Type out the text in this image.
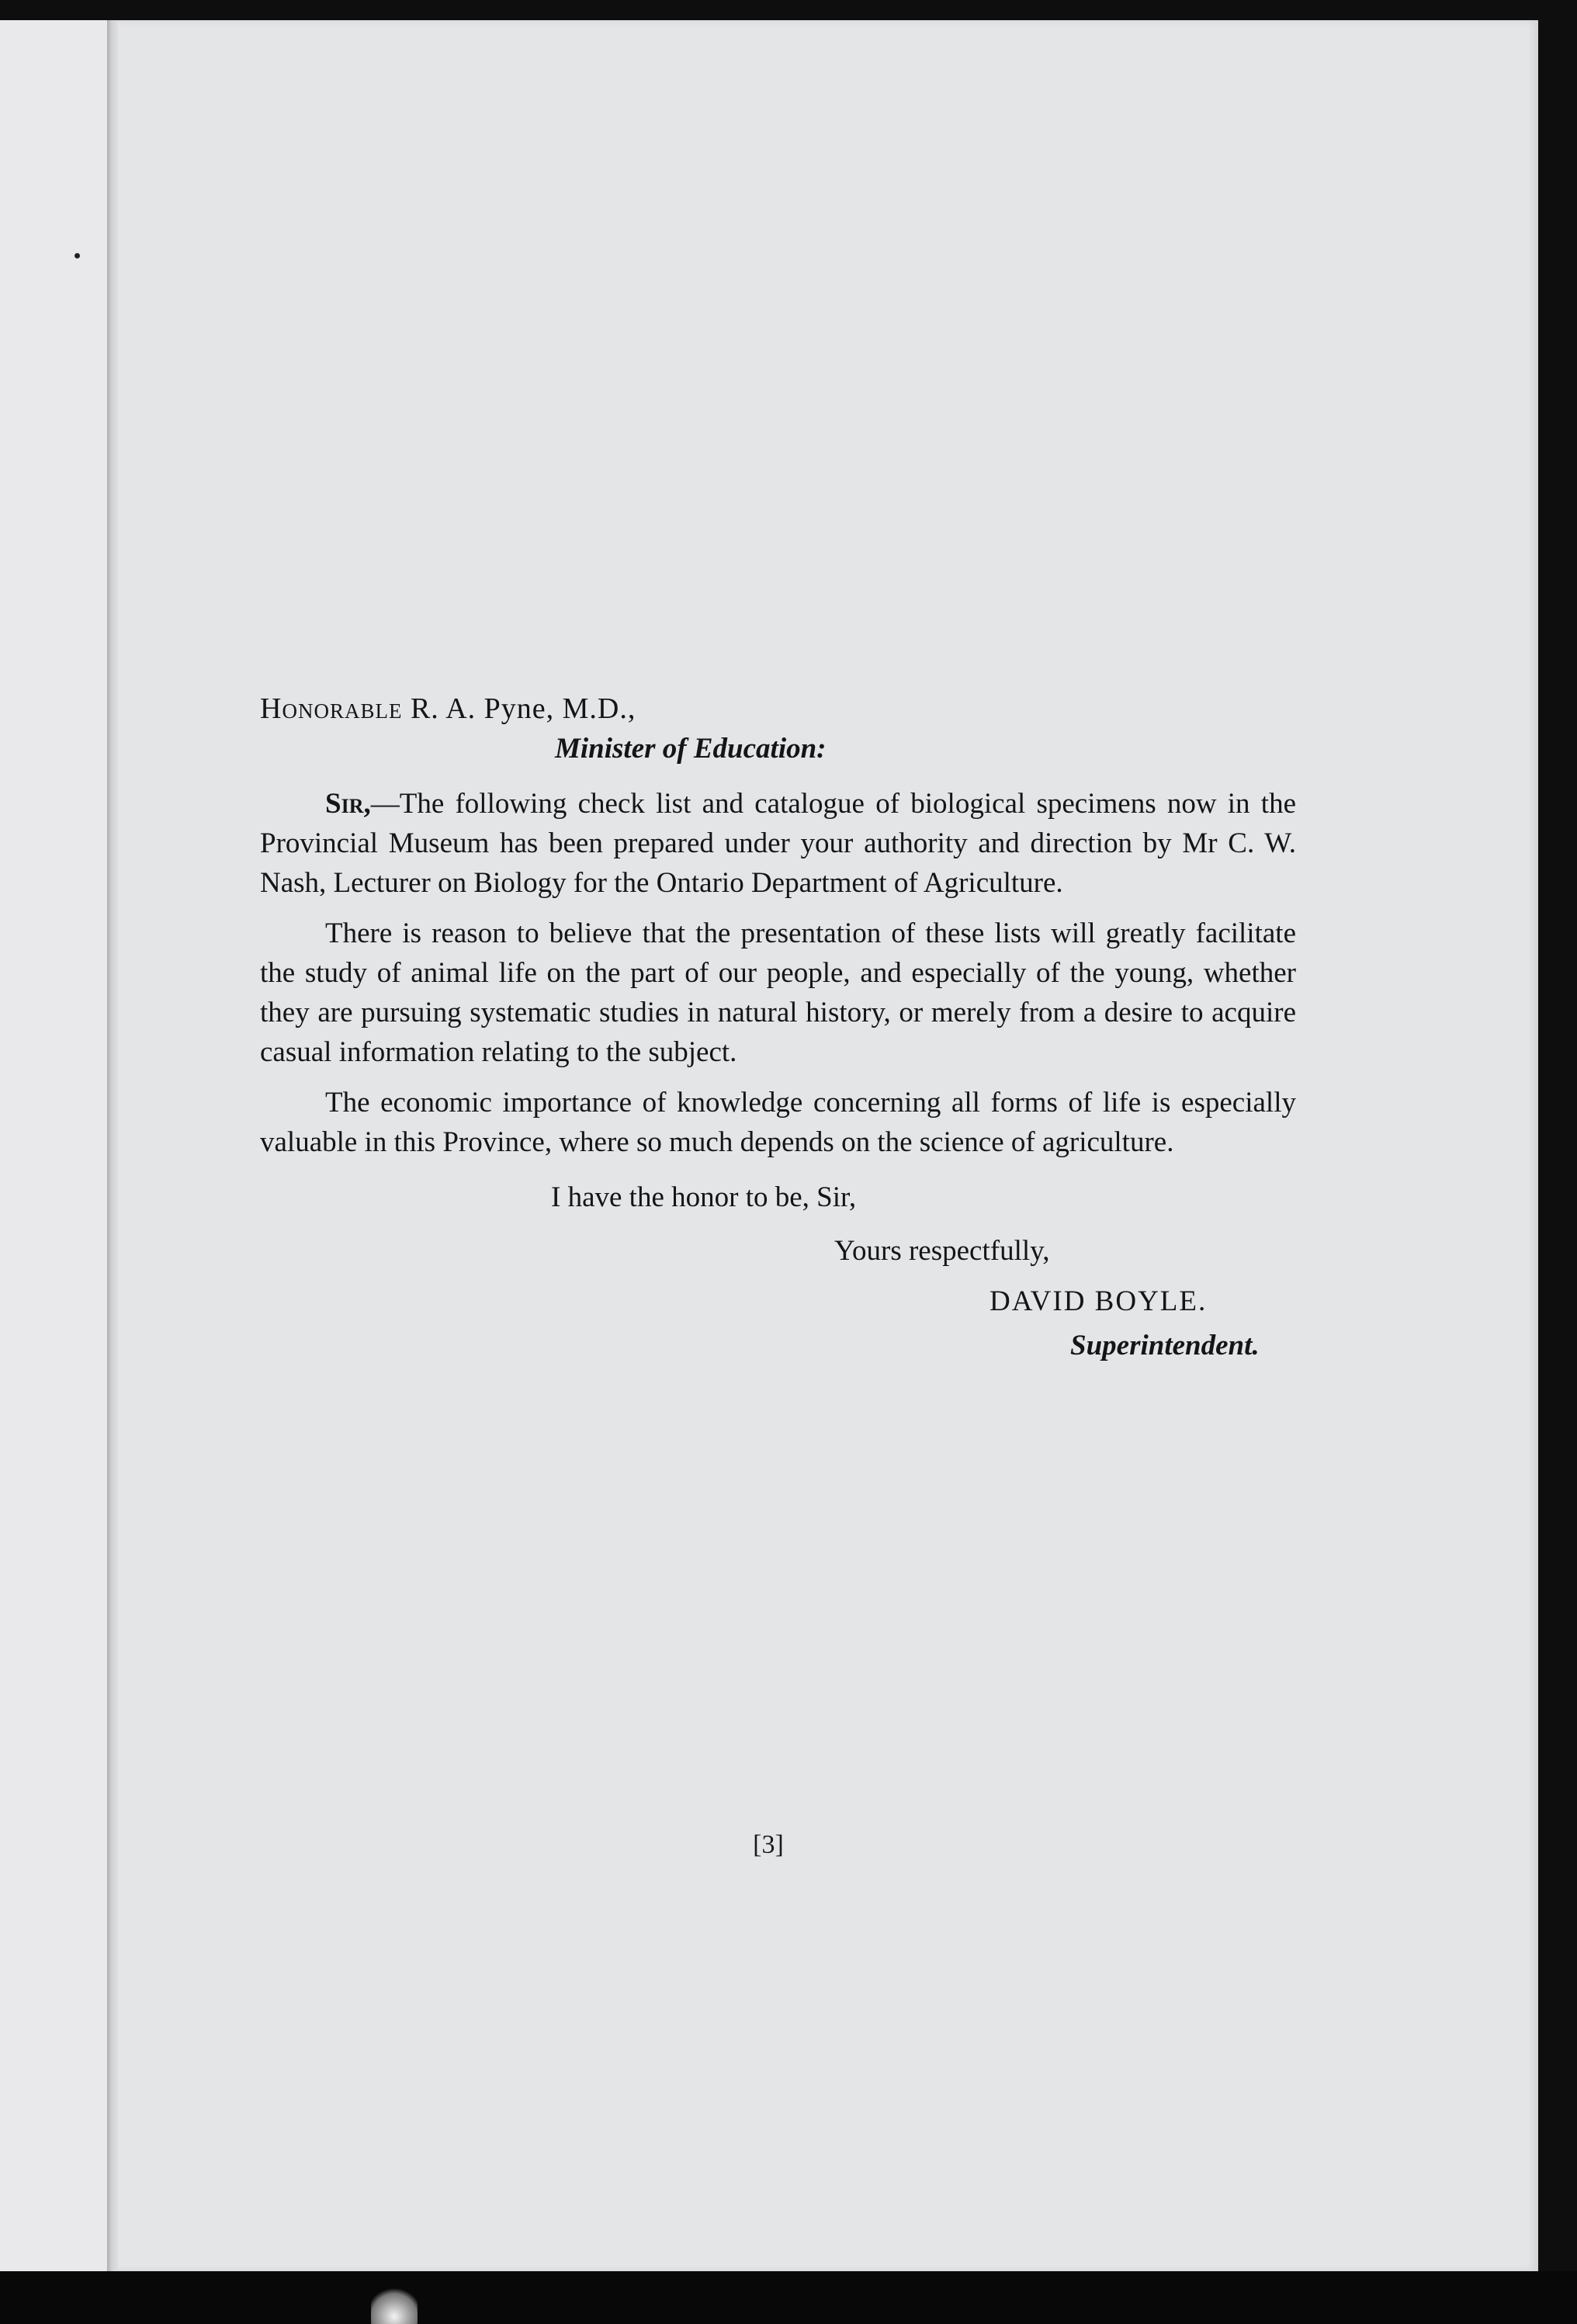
Honorable R. A. Pyne, M.D.,

Minister of Education:

Sir,—The following check list and catalogue of biological specimens now in the Provincial Museum has been prepared under your authority and direction by Mr C. W. Nash, Lecturer on Biology for the Ontario Department of Agriculture.

There is reason to believe that the presentation of these lists will greatly facilitate the study of animal life on the part of our people, and especially of the young, whether they are pursuing systematic studies in natural history, or merely from a desire to acquire casual information relating to the subject.

The economic importance of knowledge concerning all forms of life is especially valuable in this Province, where so much depends on the science of agriculture.

I have the honor to be, Sir,

Yours respectfully,

DAVID BOYLE.

Superintendent.

[3]
